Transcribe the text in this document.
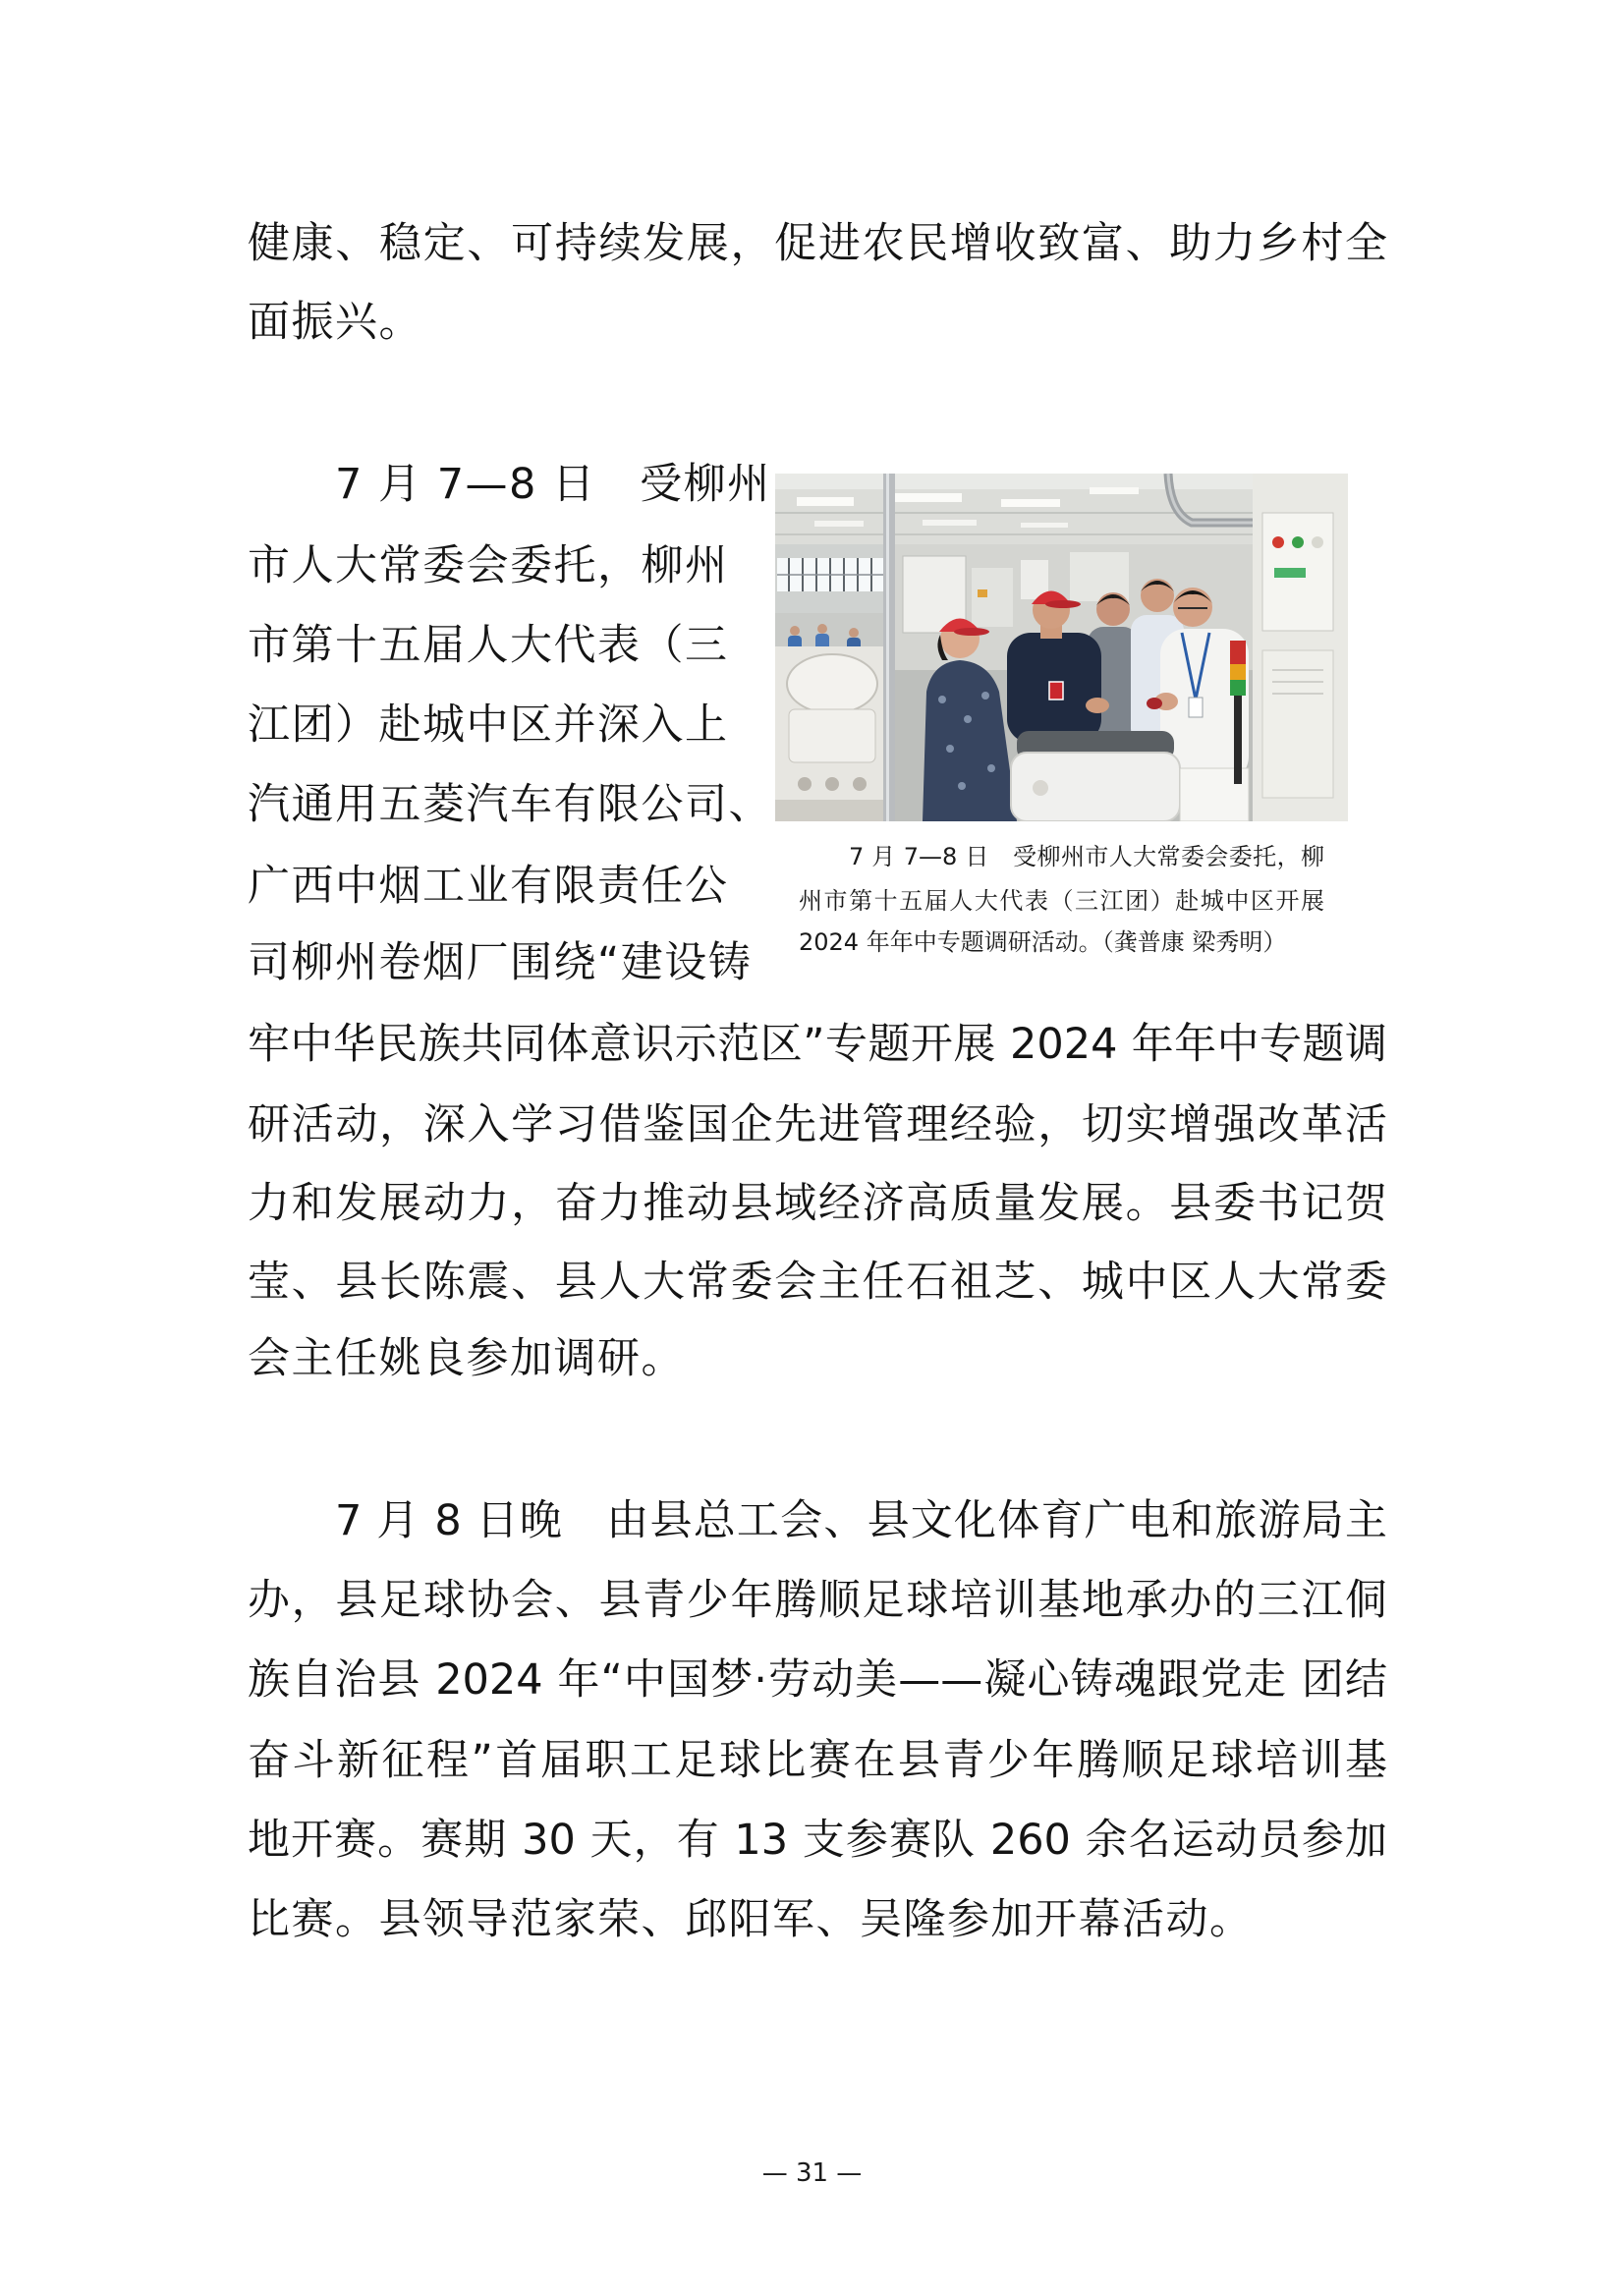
健康、稳定、可持续发展，促进农民增收致富、助力乡村全
面振兴。
7 月 7—8 日　受柳州
市人大常委会委托，柳州
市第十五届人大代表（三
江团）赴城中区并深入上
汽通用五菱汽车有限公司、
广西中烟工业有限责任公
司柳州卷烟厂围绕“建设铸
牢中华民族共同体意识示范区”专题开展 2024 年年中专题调
研活动，深入学习借鉴国企先进管理经验，切实增强改革活
力和发展动力，奋力推动县域经济高质量发展。县委书记贺
莹、县长陈震、县人大常委会主任石祖芝、城中区人大常委
会主任姚良参加调研。
7 月 7—8 日　受柳州市人大常委会委托，柳
州市第十五届人大代表（三江团）赴城中区开展
2024 年年中专题调研活动。（龚普康 梁秀明）
7 月 8 日晚　由县总工会、县文化体育广电和旅游局主
办，县足球协会、县青少年腾顺足球培训基地承办的三江侗
族自治县 2024 年“中国梦·劳动美——凝心铸魂跟党走 团结
奋斗新征程”首届职工足球比赛在县青少年腾顺足球培训基
地开赛。赛期 30 天，有 13 支参赛队 260 余名运动员参加
比赛。县领导范家荣、邱阳军、吴隆参加开幕活动。
— 31 —
